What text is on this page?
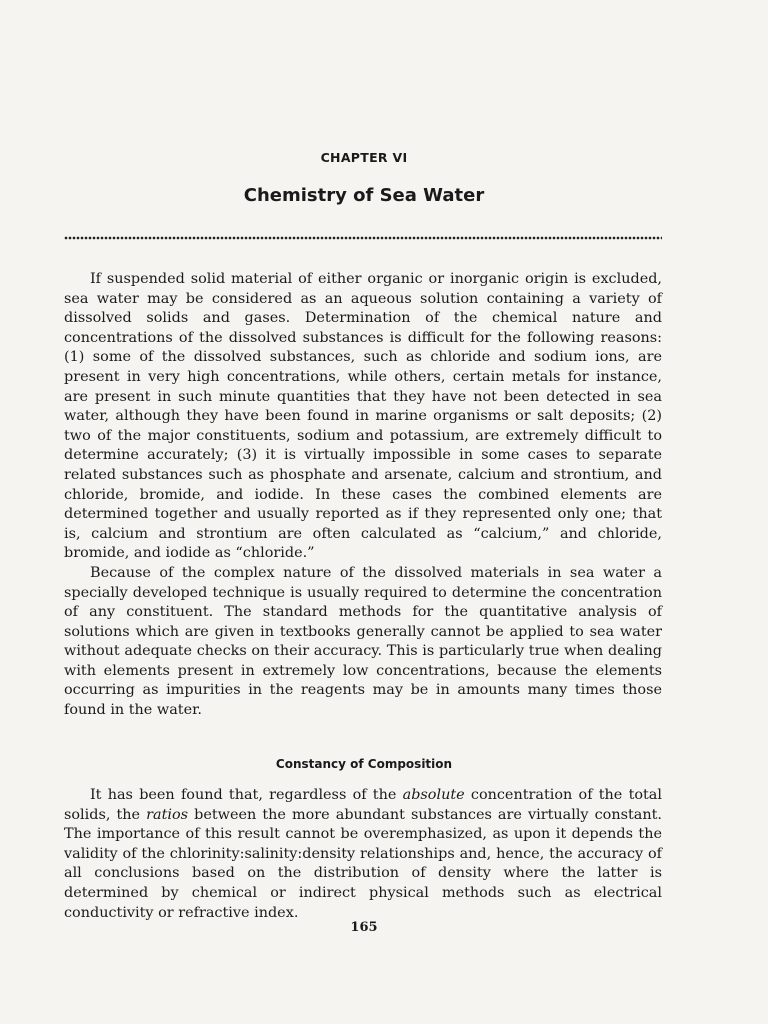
CHAPTER VI
Chemistry of Sea Water

If suspended solid material of either organic or inorganic origin is excluded, sea water may be considered as an aqueous solution containing a variety of dissolved solids and gases. Determination of the chemical nature and concentrations of the dissolved substances is difficult for the following reasons: (1) some of the dissolved substances, such as chloride and sodium ions, are present in very high concentrations, while others, certain metals for instance, are present in such minute quantities that they have not been detected in sea water, although they have been found in marine organisms or salt deposits; (2) two of the major constituents, sodium and potassium, are extremely difficult to determine accurately; (3) it is virtually impossible in some cases to separate related substances such as phosphate and arsenate, calcium and strontium, and chloride, bromide, and iodide. In these cases the combined elements are determined together and usually reported as if they represented only one; that is, calcium and strontium are often calculated as “calcium,” and chloride, bromide, and iodide as “chloride.”

Because of the complex nature of the dissolved materials in sea water a specially developed technique is usually required to determine the concentration of any constituent. The standard methods for the quantitative analysis of solutions which are given in textbooks generally cannot be applied to sea water without adequate checks on their accuracy. This is particularly true when dealing with elements present in extremely low concentrations, because the elements occurring as impurities in the reagents may be in amounts many times those found in the water.

Constancy of Composition

It has been found that, regardless of the absolute concentration of the total solids, the ratios between the more abundant substances are virtually constant. The importance of this result cannot be overemphasized, as upon it depends the validity of the chlorinity:salinity:density relationships and, hence, the accuracy of all conclusions based on the distribution of density where the latter is determined by chemical or indirect physical methods such as electrical conductivity or refractive index.

165
